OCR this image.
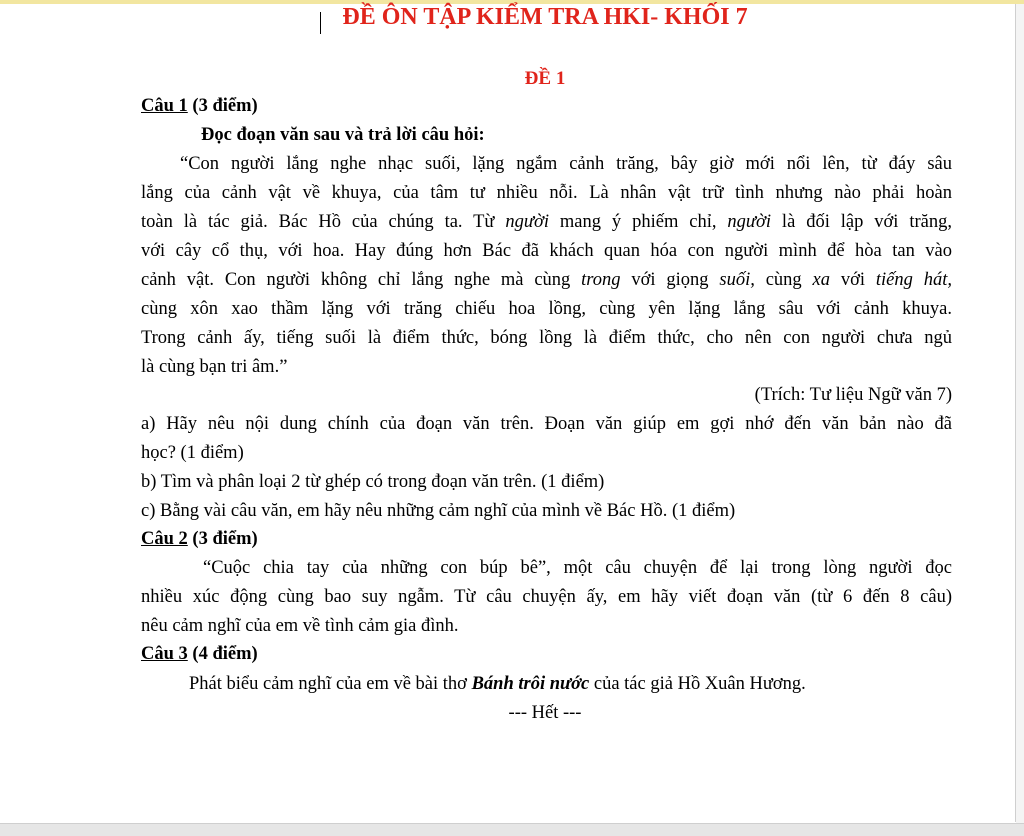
ĐỀ ÔN TẬP KIỂM TRA HKI- KHỐI 7
ĐỀ 1
Câu 1 (3 điểm)
Đọc đoạn văn sau và trả lời câu hỏi:
“Con người lắng nghe nhạc suối, lặng ngắm cảnh trăng, bây giờ mới nổi lên, từ đáy sâu
lắng của cảnh vật về khuya, của tâm tư nhiều nỗi. Là nhân vật trữ tình nhưng nào phải hoàn
toàn là tác giả. Bác Hồ của chúng ta. Từ người mang ý phiếm chỉ, người là đối lập với trăng,
với cây cổ thụ, với hoa. Hay đúng hơn Bác đã khách quan hóa con người mình để hòa tan vào
cảnh vật. Con người không chỉ lắng nghe mà cùng trong với giọng suối, cùng xa với tiếng hát,
cùng xôn xao thầm lặng với trăng chiếu hoa lồng, cùng yên lặng lắng sâu với cảnh khuya.
Trong cảnh ấy, tiếng suối là điểm thức, bóng lồng là điểm thức, cho nên con người chưa ngủ
là cùng bạn tri âm.”
(Trích: Tư liệu Ngữ văn 7)
a) Hãy nêu nội dung chính của đoạn văn trên. Đoạn văn giúp em gợi nhớ đến văn bản nào đã
học? (1 điểm)
b) Tìm và phân loại 2 từ ghép có trong đoạn văn trên. (1 điểm)
c) Bằng vài câu văn, em hãy nêu những cảm nghĩ của mình về Bác Hồ. (1 điểm)
Câu 2 (3 điểm)
“Cuộc chia tay của những con búp bê”, một câu chuyện để lại trong lòng người đọc
nhiều xúc động cùng bao suy ngẫm. Từ câu chuyện ấy, em hãy viết đoạn văn (từ 6 đến 8 câu)
nêu cảm nghĩ của em về tình cảm gia đình.
Câu 3 (4 điểm)
Phát biểu cảm nghĩ của em về bài thơ Bánh trôi nước của tác giả Hồ Xuân Hương.
--- Hết ---
